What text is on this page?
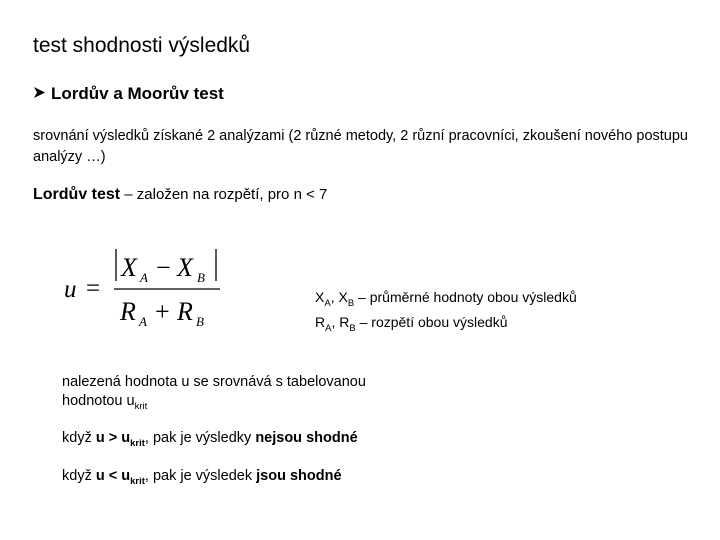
test shodnosti výsledků
Lordův a Moorův test
srovnání výsledků získané 2 analýzami (2 různé metody, 2 různí pracovníci, zkoušení nového postupu analýzy …)
Lordův test – založen na rozpětí, pro n < 7
u =
X A − X B
R A + R B
$X_A$, $X_B$ – průměrné hodnoty obou výsledků
$R_A$, $R_B$ – rozpětí obou výsledků
nalezená hodnota u se srovnává s tabelovanou hodnotou $u_{krit}$
když $u > u_{krit}$, pak je výsledky nejsou shodné
když $u < u_{krit}$, pak je výsledek jsou shodné
